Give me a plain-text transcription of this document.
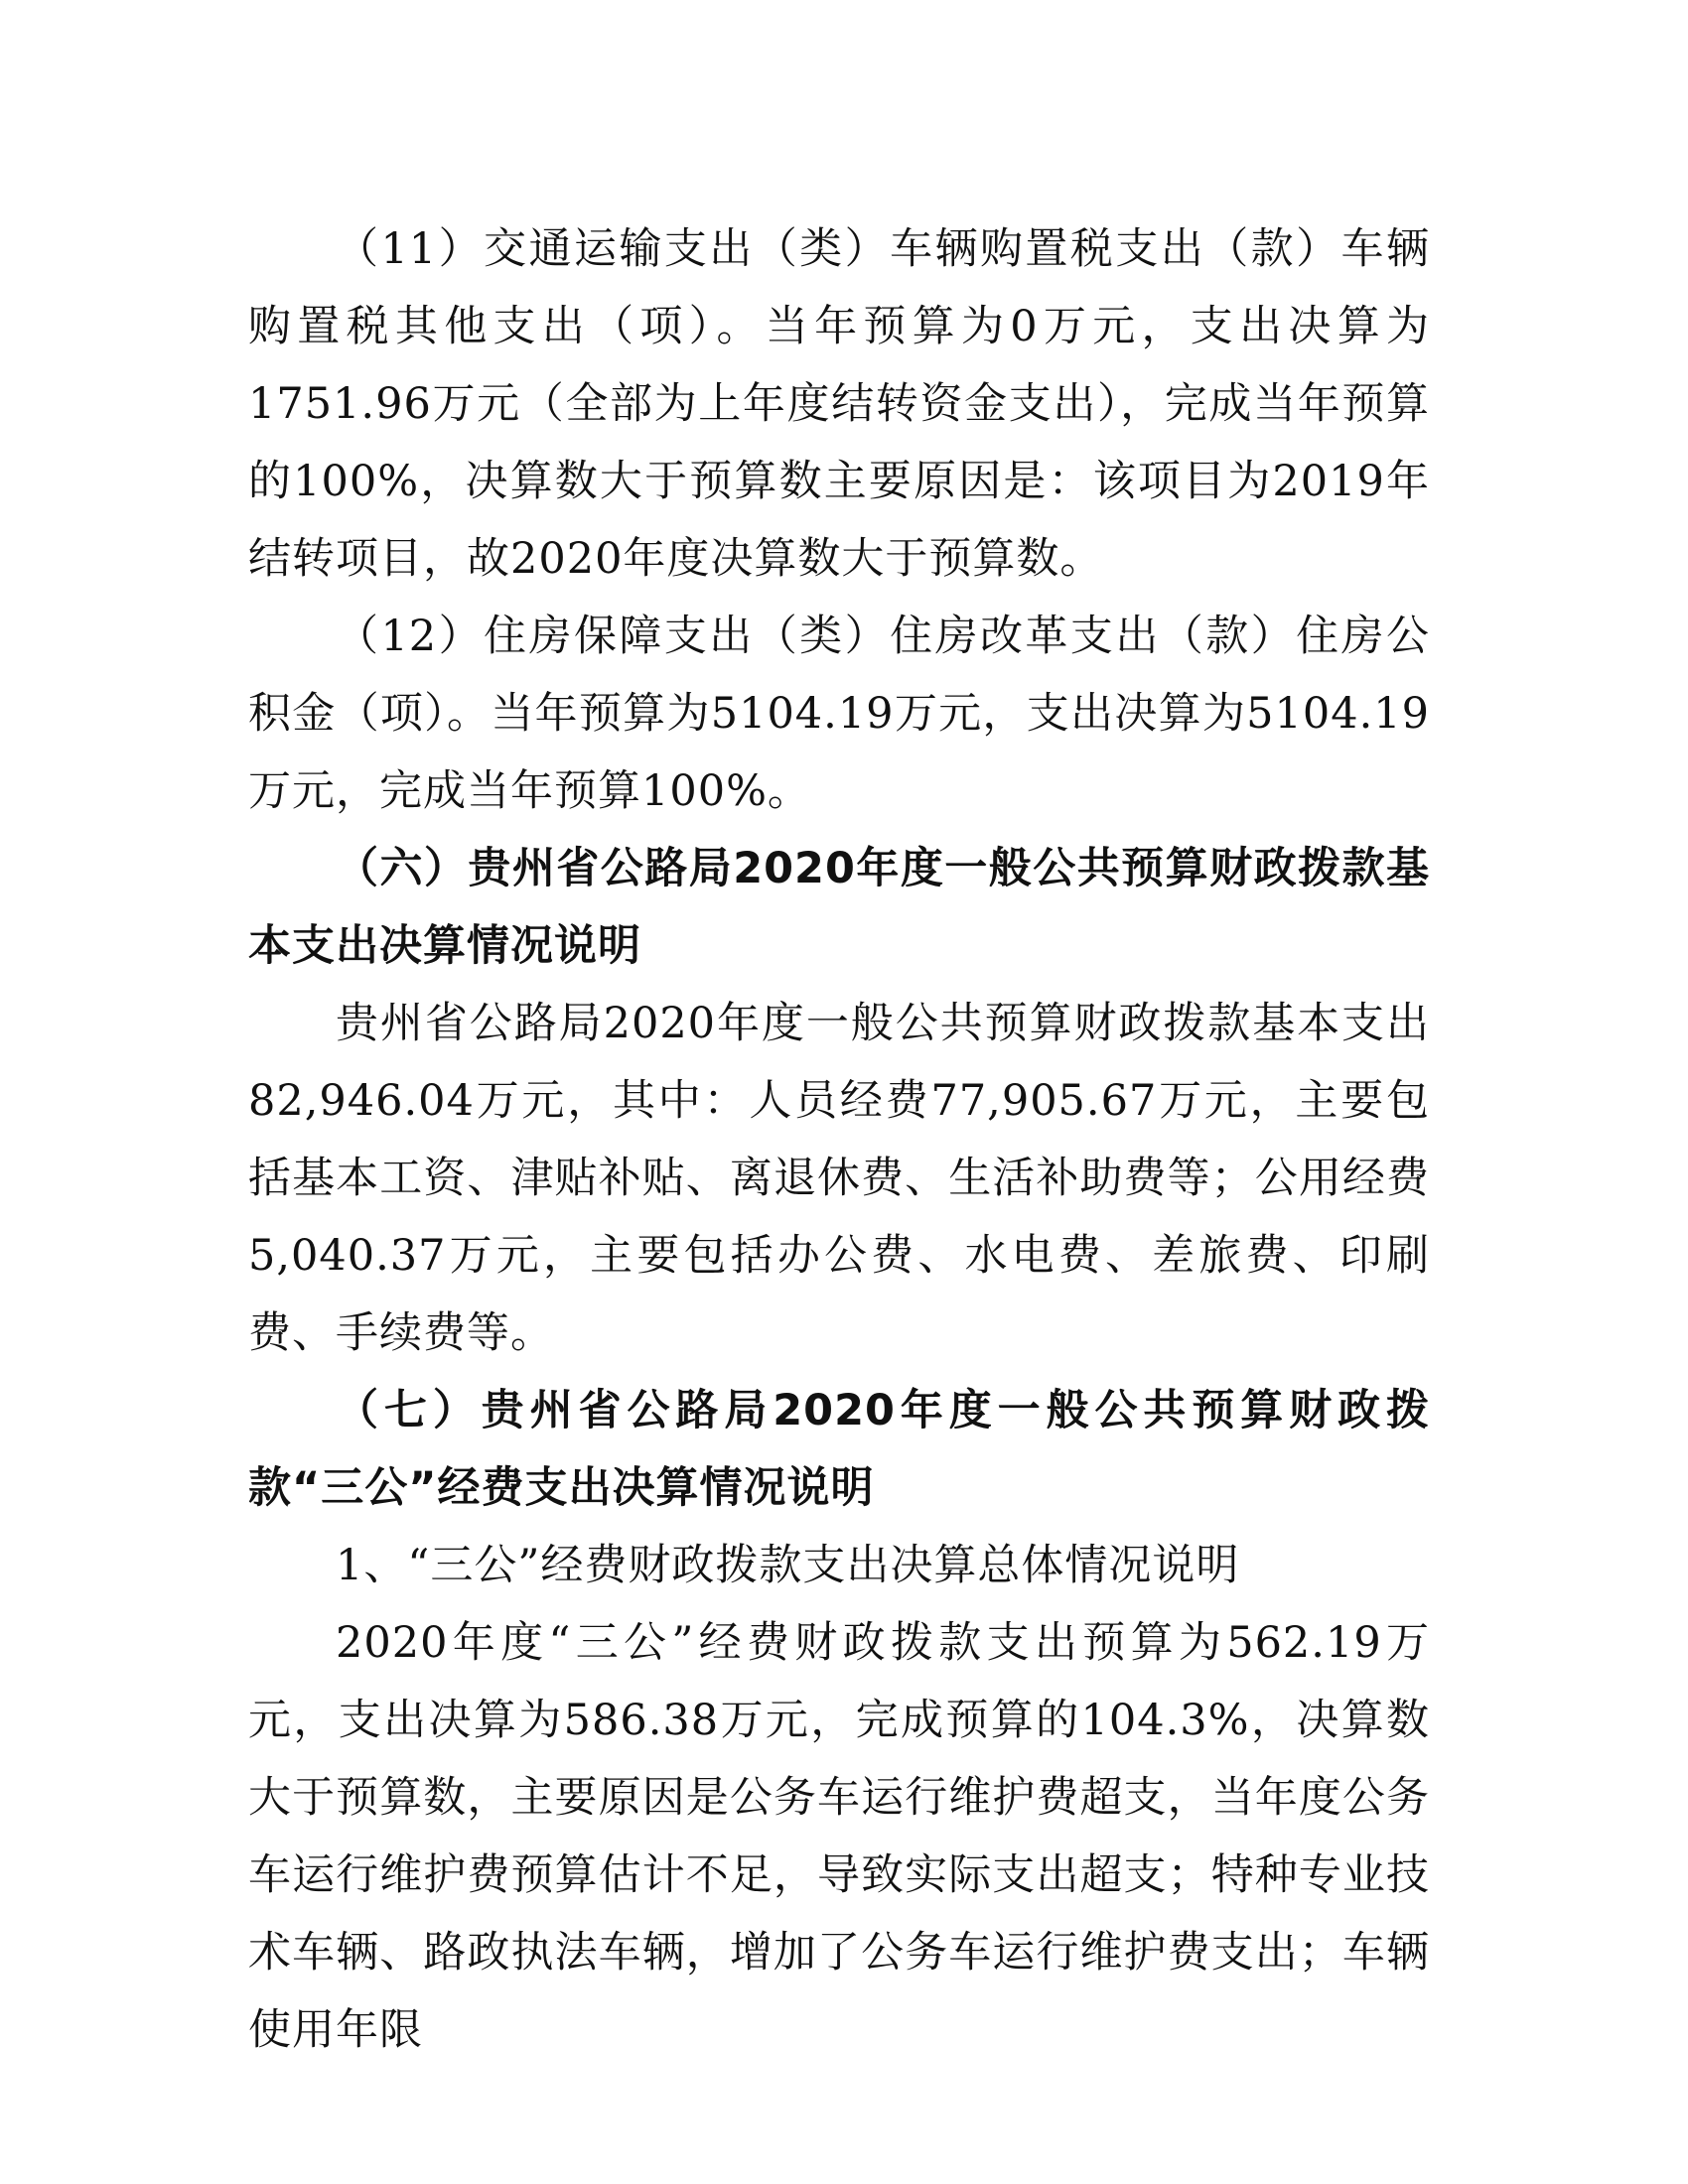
（11）交通运输支出（类）车辆购置税支出（款）车辆购置税其他支出（项）。当年预算为0万元，支出决算为1751.96万元（全部为上年度结转资金支出），完成当年预算的100%，决算数大于预算数主要原因是：该项目为2019年结转项目，故2020年度决算数大于预算数。

（12）住房保障支出（类）住房改革支出（款）住房公积金（项）。当年预算为5104.19万元，支出决算为5104.19万元，完成当年预算100%。

（六）贵州省公路局2020年度一般公共预算财政拨款基本支出决算情况说明

贵州省公路局2020年度一般公共预算财政拨款基本支出82,946.04万元，其中：人员经费77,905.67万元，主要包括基本工资、津贴补贴、离退休费、生活补助费等；公用经费5,040.37万元，主要包括办公费、水电费、差旅费、印刷费、手续费等。

（七）贵州省公路局2020年度一般公共预算财政拨款“三公”经费支出决算情况说明

1、“三公”经费财政拨款支出决算总体情况说明

2020年度“三公”经费财政拨款支出预算为562.19万元，支出决算为586.38万元，完成预算的104.3%，决算数大于预算数，主要原因是公务车运行维护费超支，当年度公务车运行维护费预算估计不足，导致实际支出超支；特种专业技术车辆、路政执法车辆，增加了公务车运行维护费支出；车辆使用年限
